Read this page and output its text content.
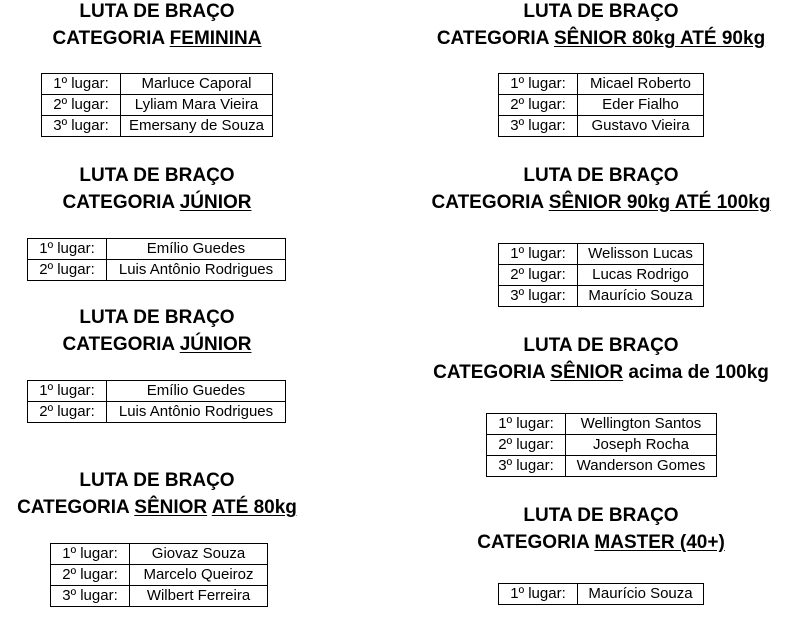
LUTA DE BRAÇO
CATEGORIA FEMININA
1º lugar:	Marluce Caporal
2º lugar:	Lyliam Mara Vieira
3º lugar:	Emersany de Souza
LUTA DE BRAÇO
CATEGORIA JÚNIOR
1º lugar:	Emílio Guedes
2º lugar:	Luis Antônio Rodrigues
LUTA DE BRAÇO
CATEGORIA JÚNIOR
1º lugar:	Emílio Guedes
2º lugar:	Luis Antônio Rodrigues
LUTA DE BRAÇO
CATEGORIA SÊNIOR ATÉ 80kg
1º lugar:	Giovaz Souza
2º lugar:	Marcelo Queiroz
3º lugar:	Wilbert Ferreira
LUTA DE BRAÇO
CATEGORIA SÊNIOR 80kg ATÉ 90kg
1º lugar:	Micael Roberto
2º lugar:	Eder Fialho
3º lugar:	Gustavo Vieira
LUTA DE BRAÇO
CATEGORIA SÊNIOR 90kg ATÉ 100kg
1º lugar:	Welisson Lucas
2º lugar:	Lucas Rodrigo
3º lugar:	Maurício Souza
LUTA DE BRAÇO
CATEGORIA SÊNIOR acima de 100kg
1º lugar:	Wellington Santos
2º lugar:	Joseph Rocha
3º lugar:	Wanderson Gomes
LUTA DE BRAÇO
CATEGORIA MASTER (40+)
1º lugar:	Maurício Souza
